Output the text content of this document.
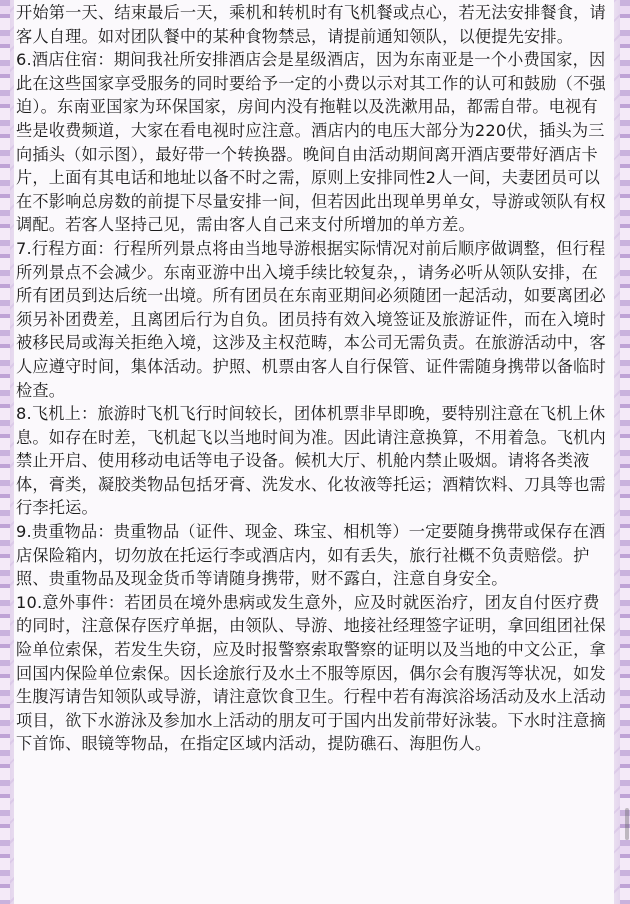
开始第一天、结束最后一天，乘机和转机时有飞机餐或点心，若无法安排餐食，请客人自理。如对团队餐中的某种食物禁忌，请提前通知领队，以便提先安排。

6.酒店住宿：期间我社所安排酒店会是星级酒店，因为东南亚是一个小费国家，因此在这些国家享受服务的同时要给予一定的小费以示对其工作的认可和鼓励（不强迫）。东南亚国家为环保国家，房间内没有拖鞋以及洗漱用品，都需自带。电视有些是收费频道，大家在看电视时应注意。酒店内的电压大部分为220伏，插头为三向插头（如示图），最好带一个转换器。晚间自由活动期间离开酒店要带好酒店卡片，上面有其电话和地址以备不时之需，原则上安排同性2人一间，夫妻团员可以在不影响总房数的前提下尽量安排一间，但若因此出现单男单女，导游或领队有权调配。若客人坚持己见，需由客人自己来支付所增加的单方差。

7.行程方面：行程所列景点将由当地导游根据实际情况对前后顺序做调整，但行程所列景点不会减少。东南亚游中出入境手续比较复杂，，请务必听从领队安排，在所有团员到达后统一出境。所有团员在东南亚期间必须随团一起活动，如要离团必须另补团费差，且离团后行为自负。团员持有效入境签证及旅游证件，而在入境时被移民局或海关拒绝入境，这涉及主权范畴，本公司无需负责。在旅游活动中，客人应遵守时间，集体活动。护照、机票由客人自行保管、证件需随身携带以备临时检查。

8.飞机上：旅游时飞机飞行时间较长，团体机票非早即晚，要特别注意在飞机上休息。如存在时差，飞机起飞以当地时间为准。因此请注意换算，不用着急。飞机内禁止开启、使用移动电话等电子设备。候机大厅、机舱内禁止吸烟。请将各类液体，膏类，凝胶类物品包括牙膏、洗发水、化妆液等托运；酒精饮料、刀具等也需行李托运。

9.贵重物品：贵重物品（证件、现金、珠宝、相机等）一定要随身携带或保存在酒店保险箱内，切勿放在托运行李或酒店内，如有丢失，旅行社概不负责赔偿。护照、贵重物品及现金货币等请随身携带，财不露白，注意自身安全。

10.意外事件：若团员在境外患病或发生意外，应及时就医治疗，团友自付医疗费的同时，注意保存医疗单据，由领队、导游、地接社经理签字证明，拿回组团社保险单位索保，若发生失窃，应及时报警察索取警察的证明以及当地的中文公正，拿回国内保险单位索保。因长途旅行及水土不服等原因，偶尔会有腹泻等状况，如发生腹泻请告知领队或导游，请注意饮食卫生。行程中若有海滨浴场活动及水上活动项目，欲下水游泳及参加水上活动的朋友可于国内出发前带好泳装。下水时注意摘下首饰、眼镜等物品，在指定区域内活动，提防礁石、海胆伤人。
